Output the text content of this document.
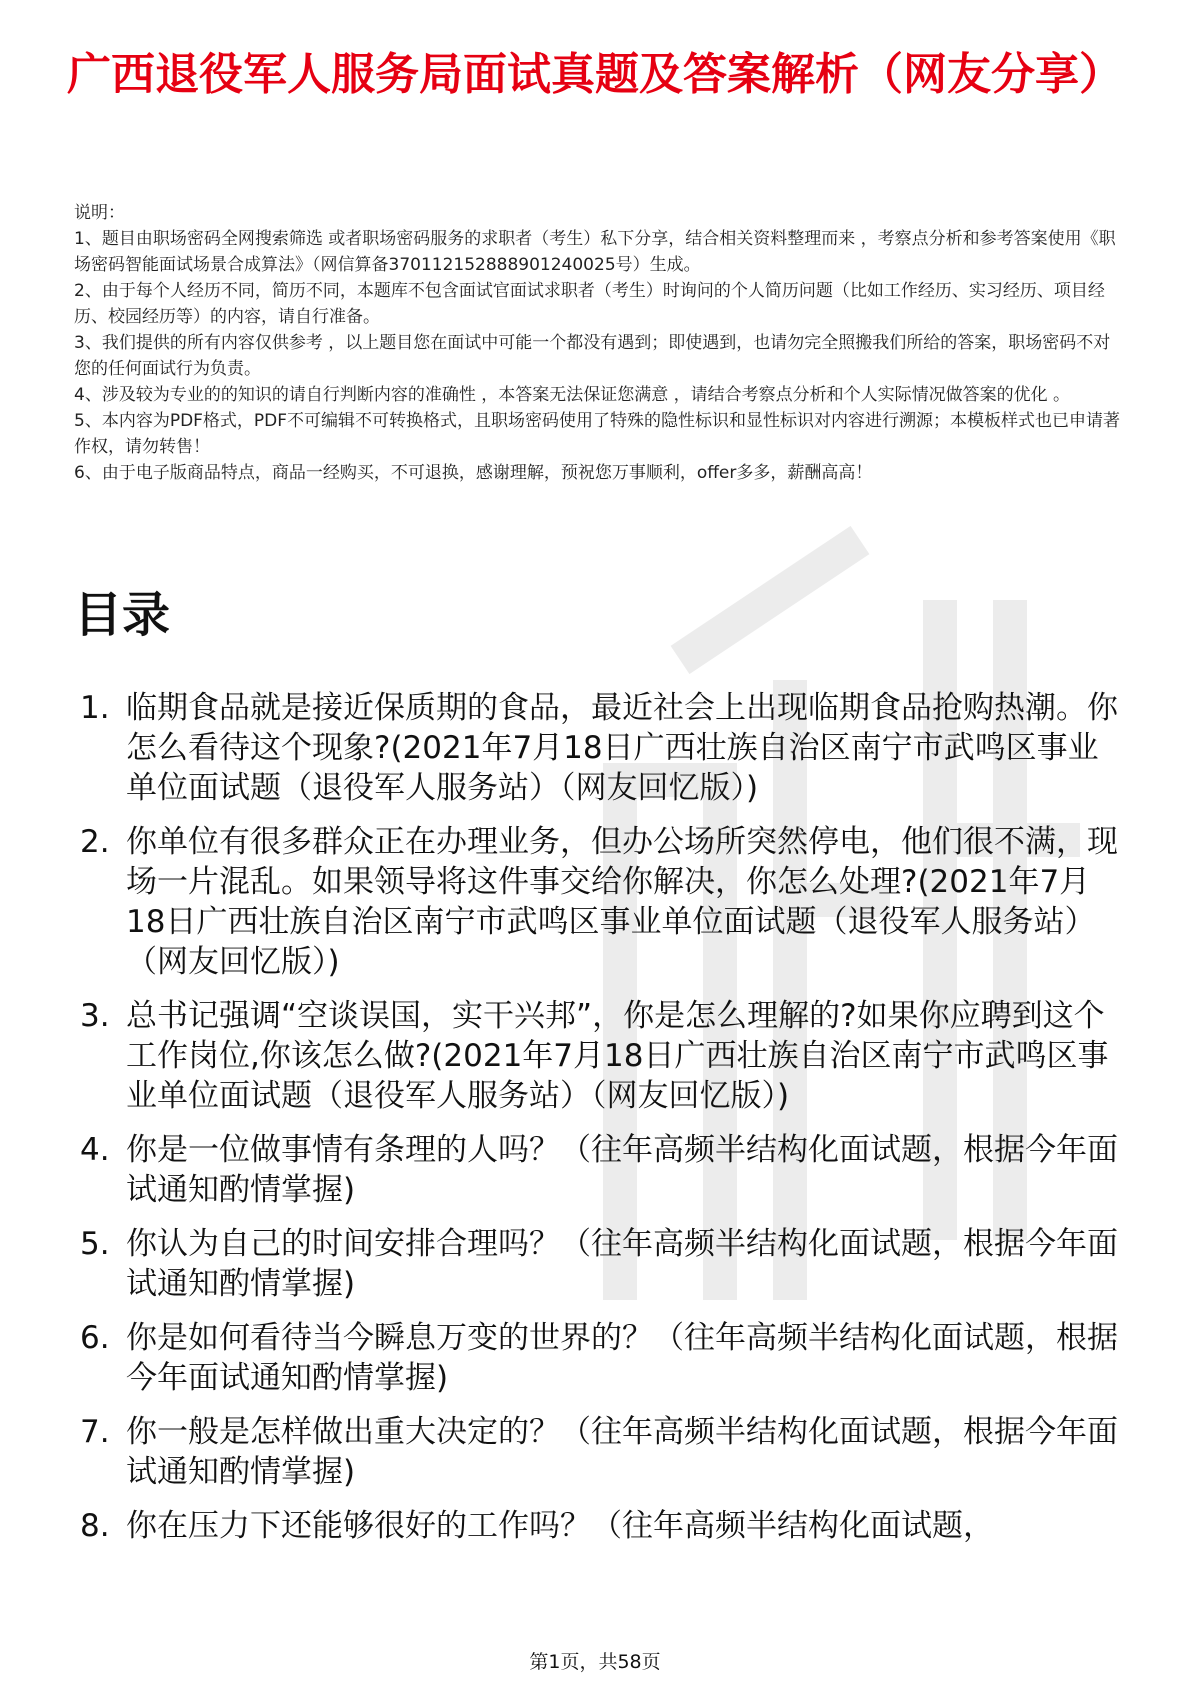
广西退役军人服务局面试真题及答案解析（网友分享）
说明：
1、题目由职场密码全网搜索筛选 或者职场密码服务的求职者（考生）私下分享，结合相关资料整理而来 ，考察点分析和参考答案使用《职场密码智能面试场景合成算法》（网信算备370112152888901240025号）生成。
2、由于每个人经历不同，简历不同，本题库不包含面试官面试求职者（考生）时询问的个人简历问题（比如工作经历、实习经历、项目经历、校园经历等）的内容，请自行准备。
3、我们提供的所有内容仅供参考 ，以上题目您在面试中可能一个都没有遇到；即使遇到，也请勿完全照搬我们所给的答案，职场密码不对您的任何面试行为负责。
4、涉及较为专业的的知识的请自行判断内容的准确性 ，本答案无法保证您满意 ，请结合考察点分析和个人实际情况做答案的优化 。
5、本内容为PDF格式，PDF不可编辑不可转换格式，且职场密码使用了特殊的隐性标识和显性标识对内容进行溯源；本模板样式也已申请著作权，请勿转售！
6、由于电子版商品特点，商品一经购买，不可退换，感谢理解，预祝您万事顺利，offer多多，薪酬高高！
目录
1. 临期食品就是接近保质期的食品，最近社会上出现临期食品抢购热潮。你怎么看待这个现象?(2021年7月18日广西壮族自治区南宁市武鸣区事业单位面试题（退役军人服务站）（网友回忆版）)
2. 你单位有很多群众正在办理业务，但办公场所突然停电，他们很不满，现场一片混乱。如果领导将这件事交给你解决，你怎么处理?(2021年7月18日广西壮族自治区南宁市武鸣区事业单位面试题（退役军人服务站）（网友回忆版）)
3. 总书记强调“空谈误国，实干兴邦”，你是怎么理解的?如果你应聘到这个工作岗位,你该怎么做?(2021年7月18日广西壮族自治区南宁市武鸣区事业单位面试题（退役军人服务站）（网友回忆版）)
4. 你是一位做事情有条理的人吗？（往年高频半结构化面试题，根据今年面试通知酌情掌握)
5. 你认为自己的时间安排合理吗？（往年高频半结构化面试题，根据今年面试通知酌情掌握)
6. 你是如何看待当今瞬息万变的世界的？（往年高频半结构化面试题，根据今年面试通知酌情掌握)
7. 你一般是怎样做出重大决定的？（往年高频半结构化面试题，根据今年面试通知酌情掌握)
8. 你在压力下还能够很好的工作吗？（往年高频半结构化面试题，
第1页，共58页
